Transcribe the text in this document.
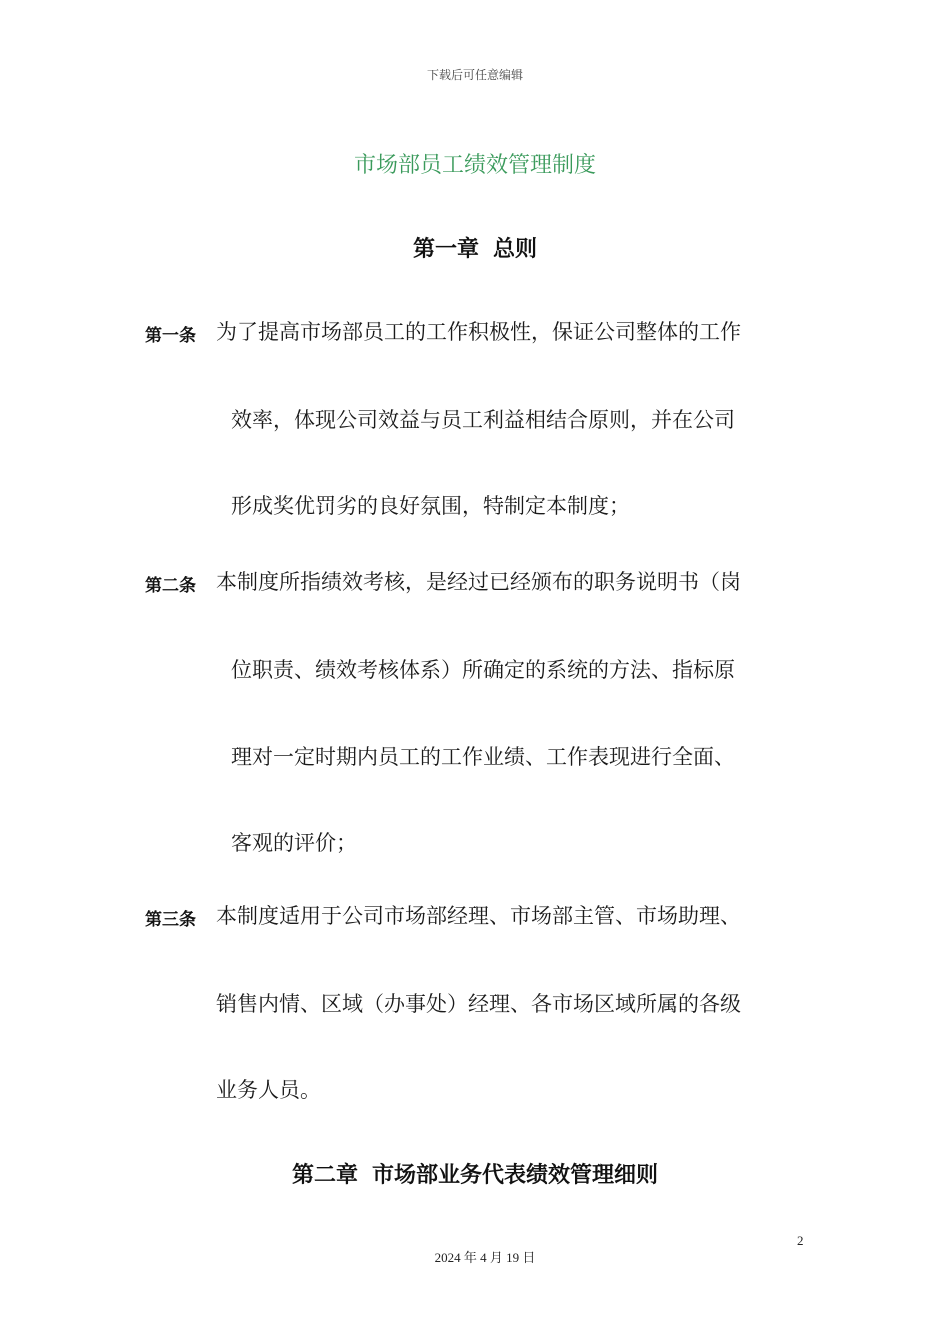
下载后可任意编辑
市场部员工绩效管理制度
第一章 总则
第一条 为了提高市场部员工的工作积极性，保证公司整体的工作
效率，体现公司效益与员工利益相结合原则，并在公司
形成奖优罚劣的良好氛围，特制定本制度；
第二条 本制度所指绩效考核，是经过已经颁布的职务说明书（岗
位职责、绩效考核体系）所确定的系统的方法、指标原
理对一定时期内员工的工作业绩、工作表现进行全面、
客观的评价；
第三条 本制度适用于公司市场部经理、市场部主管、市场助理、
销售内情、区域（办事处）经理、各市场区域所属的各级
业务人员。
第二章 市场部业务代表绩效管理细则
2
2024 年 4 月 19 日
